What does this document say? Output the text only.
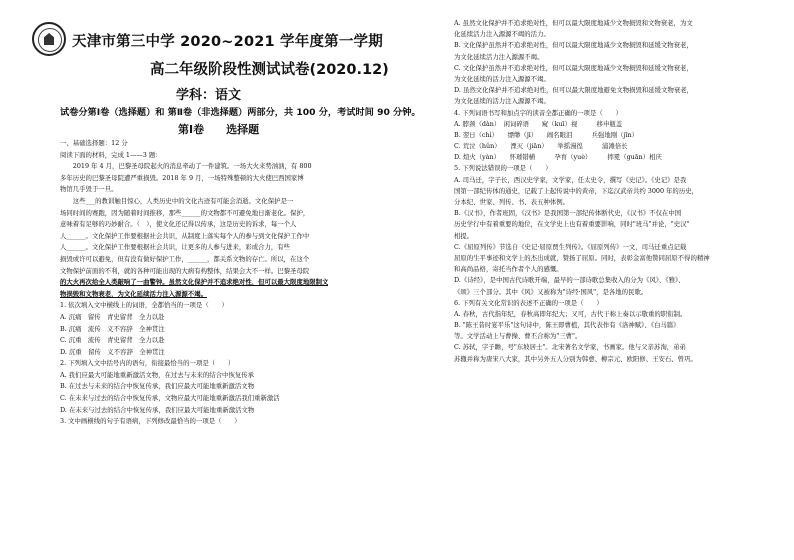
天津市第三中学 2020~2021 学年度第一学期
高二年级阶段性测试试卷(2020.12)
学科：语文
试卷分第Ⅰ卷（选择题）和 第Ⅱ卷（非选择题）两部分，共 100 分，考试时间 90 分钟。
第Ⅰ卷　　选择题
一、基础选择题：12 分
阅读下面的材料，完成 1——3 题：
　　2019 年 4 月，巴黎圣母院起火的消息牵动了一件建筑。一场大火来势汹汹，有 800
多年历史的巴黎圣母院遭严重损毁。2018 年 9 月，一场特殊整顿的大火使巴西国家博
物馆几乎毁于一旦。
　　这些___的教训触目惊心，人类历史中的文化古迹有可能会消逝。文化保护是一
场同时间的赛跑，因为随着时间推移，那些______的文物都不可避免地日渐老化。保护，
意味着有足够的巧妙耐合。（　），使文化还记得以传承，这是历史的诉求，每一个人
人______。文化保护工作要根据社会共识，从制度上落实每个人的参与到文化保护工作中
人______。文化保护工作要根据社会共识，让更多的人参与进来，彩成合力，有些
损毁或许可以避免，但有没有做好保护工作，______，都关系文物的存亡。所以，在这个
文物保护前面的不利，就的各种可能出现的大病有构整体，结果会大不一样。巴黎圣母院
的大火再次给全人类敲响了一曲警钟。虽然文化保护并不追求绝对性，但可以最大限度地限制文
物损毁和文物衰老，为文化延续活力注入源源不竭。
1. 依次填入文中横线上的词语，全都恰当的一项是（　　）
A. 沉痛　留传　青史留背　全力以赴
B. 沉痛　流传　义不容辞　全神贯注
C. 沉重　流传　青史留背　全力以赴
D. 沉重　留传　义不容辞　全神贯注
2. 下列填入文中括号内的语句，衔接最恰当的一项是（　　）
A. 我们应最大可能地重新激活文物，在过去与未来的结合中恢复传承
B. 在过去与未来的结合中恢复传承，我们应最大可能地重新激活文物
C. 在未来与过去的结合中恢复传承，文物应最大可能地重新激活我们重新激活
D. 在未来与过去的结合中恢复传承，我们应最大可能地重新激活文物
3. 文中画横线的句子有语病，下列修改最恰当的一项是（　　）
A. 虽然文化保护并不追求绝对性，但可以最大限度地减少文物损毁和文物衰老，为文
化延续活力注入源源不竭的活力。
B. 文化保护虽然并不追求绝对性，但可以最大限度地减少文物损毁和延缓文物衰老，
为文化延续活力注入源源不竭。
C. 文化保护虽然并不追求绝对性，但可以最大限度地减少文物损毁和延缓文物衰老，
为文化延续的活力注入源源不竭。
D. 虽然文化保护并不追求绝对性，但可以最大限度地避免文物损毁和延缓文物衰老，
为文化延续的活力注入源源不竭。
4. 下列词语书写和加点字的读音全都正确的一项是（　　）
A. 脖颈（dàn）　闲词碎语　　窥（kuī）视　　　移申瓶盖
B. 翌日（chì）　　缥缈（jī）　　闹名眼泪　　　兵强地刚（jīn）
C. 荒泣（hǔn）　　湮灭（jiān）　　举摇漫徨　　　浦滩倍长
D. 煊火（yàn）　　怀璀错横　　　孕育（yuè）　　　摔冕（guān）相庆
5. 下列说法错误的一项是（　　）
A. 司马迁，字子长，西汉史学家，文学家，任太史令，撰写《史记》。《史记》是我
国第一部纪传体的通史，记载了上起传说中的黄帝，下迄汉武帝共约 3000 年的历史，
分本纪、世家、列传、书、表五种体例。
B.《汉书》，作者班固，《汉书》是我国第一部纪传体断代史，《汉书》不仅在中国
历史学行中有着重要的地位，在文学史上也有着重要影响，同时"班马"并论，"史汉"
相提。
C.《屈原列传》节选自《史记·屈原贾生列传》。《屈原列传》一文，司马迁重点记载
屈原的生平事迹和文学上的杰出成就，赞扬了屈原。同时，表彰金富他赞同屈原不得的精神
和高尚品格，寄托当作者个人的感慨。
D.《诗经》，是中国古代诗歌开端，最早的一部诗歌总集收入的分为《风》、《雅》、
《颂》三个部分。其中《风》又被称为"诗经·国风"，是各地的民歌。
6. 下列有关文化常识的表述不正确的一项是（　　）
A. 春秋，古代指年纪，春秋高即年纪大；又可，古代干称上奏以示敬重的职衔制。
B. "陈王昔时宴平乐"这句诗中，陈王即曹植，其代表作有《洛神赋》、《白马篇》
等。文学活动上与曹操、曹丕合称为"三曹"。
C. 苏轼，字子瞻，号"东坡居士"。北宋著名文学家，书画家。他与父亲苏洵，弟弟
苏辙并称为唐宋八大家，其中另外五人分别为韩愈、柳宗元、欧阳修、王安石、曾巩。
